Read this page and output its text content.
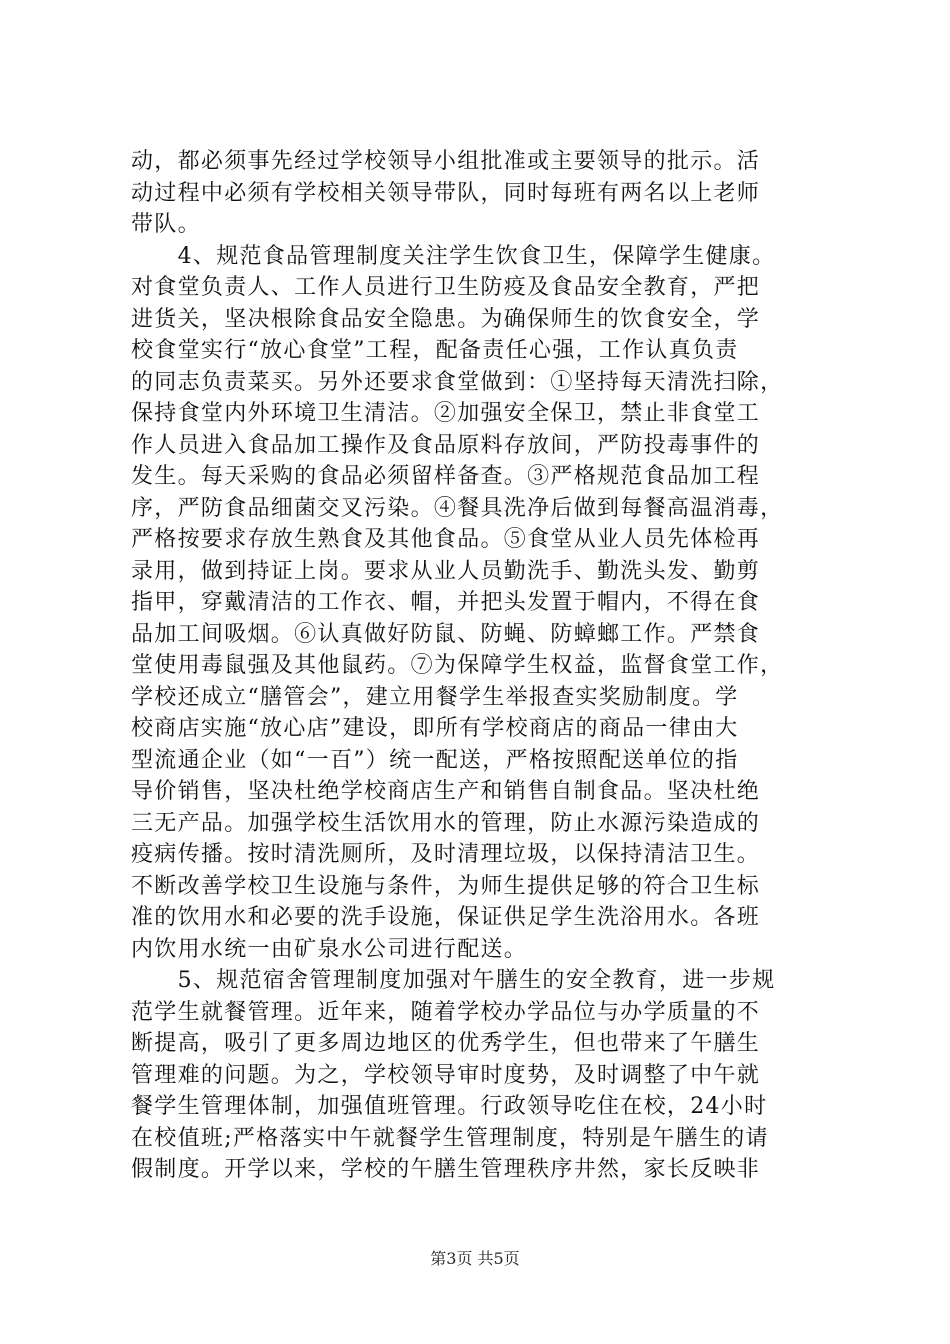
动，都必须事先经过学校领导小组批准或主要领导的批示。活
动过程中必须有学校相关领导带队，同时每班有两名以上老师
带队。
　　4、规范食品管理制度关注学生饮食卫生，保障学生健康。
对食堂负责人、工作人员进行卫生防疫及食品安全教育，严把
进货关，坚决根除食品安全隐患。为确保师生的饮食安全，学
校食堂实行“放心食堂”工程，配备责任心强，工作认真负责
的同志负责菜买。另外还要求食堂做到：①坚持每天清洗扫除，
保持食堂内外环境卫生清洁。②加强安全保卫，禁止非食堂工
作人员进入食品加工操作及食品原料存放间，严防投毒事件的
发生。每天采购的食品必须留样备查。③严格规范食品加工程
序，严防食品细菌交叉污染。④餐具洗净后做到每餐高温消毒，
严格按要求存放生熟食及其他食品。⑤食堂从业人员先体检再
录用，做到持证上岗。要求从业人员勤洗手、勤洗头发、勤剪
指甲，穿戴清洁的工作衣、帽，并把头发置于帽内，不得在食
品加工间吸烟。⑥认真做好防鼠、防蝇、防蟑螂工作。严禁食
堂使用毒鼠强及其他鼠药。⑦为保障学生权益，监督食堂工作，
学校还成立“膳管会”，建立用餐学生举报查实奖励制度。学
校商店实施“放心店”建设，即所有学校商店的商品一律由大
型流通企业（如“一百”）统一配送，严格按照配送单位的指
导价销售，坚决杜绝学校商店生产和销售自制食品。坚决杜绝
三无产品。加强学校生活饮用水的管理，防止水源污染造成的
疫病传播。按时清洗厕所，及时清理垃圾，以保持清洁卫生。
不断改善学校卫生设施与条件，为师生提供足够的符合卫生标
准的饮用水和必要的洗手设施，保证供足学生洗浴用水。各班
内饮用水统一由矿泉水公司进行配送。
　　5、规范宿舍管理制度加强对午膳生的安全教育，进一步规
范学生就餐管理。近年来，随着学校办学品位与办学质量的不
断提高，吸引了更多周边地区的优秀学生，但也带来了午膳生
管理难的问题。为之，学校领导审时度势，及时调整了中午就
餐学生管理体制，加强值班管理。行政领导吃住在校，24小时
在校值班;严格落实中午就餐学生管理制度，特别是午膳生的请
假制度。开学以来，学校的午膳生管理秩序井然，家长反映非
第3页 共5页
